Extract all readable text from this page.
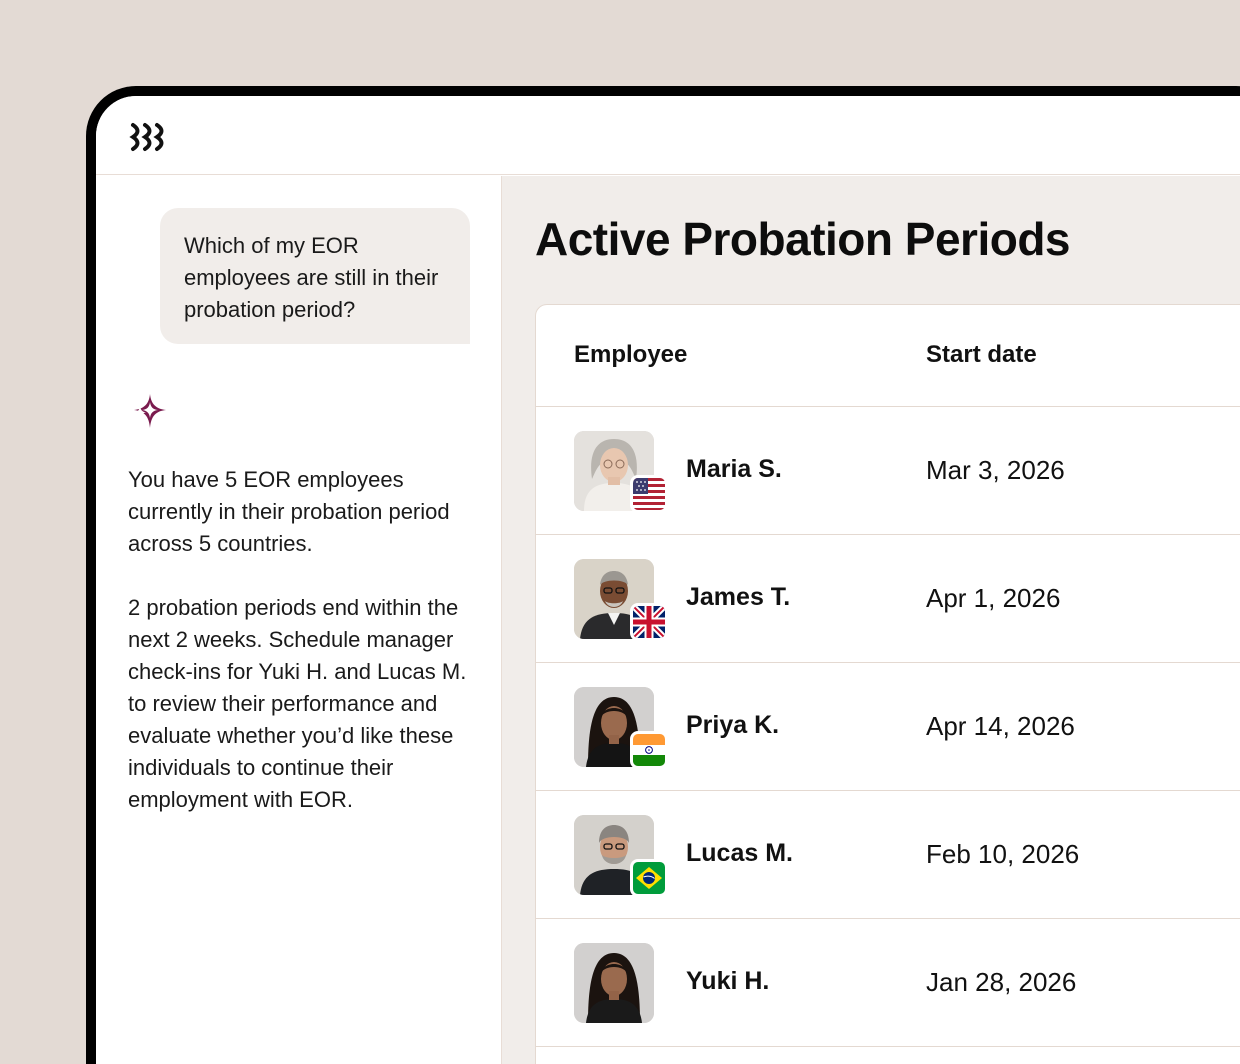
Which of my EOR employees are still in their probation period?

You have 5 EOR employees currently in their probation period across 5 countries.

2 probation periods end within the next 2 weeks. Schedule manager check-ins for Yuki H. and Lucas M. to review their performance and evaluate whether you’d like these individuals to continue their employment with EOR.

Active Probation Periods
Employee	Start date
Maria S.	Mar 3, 2026
James T.	Apr 1, 2026
Priya K.	Apr 14, 2026
Lucas M.	Feb 10, 2026
Yuki H.	Jan 28, 2026
